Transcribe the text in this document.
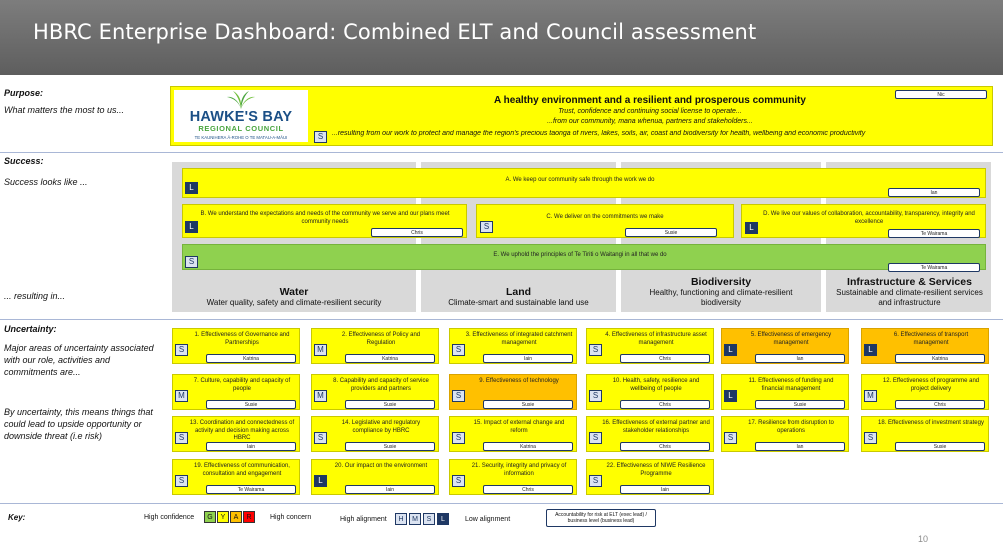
HBRC Enterprise Dashboard: Combined ELT and Council assessment
Purpose:
What matters the most to us...	HAWKE'S BAY
REGIONAL COUNCIL
TE KAUNIHERA Ā-ROHE O TE MATAU-A-MĀUI
Nic
A healthy environment and a resilient and prosperous community
Trust, confidence and continuing social license to operate...
...from our community, mana whenua, partners and stakeholders...
S	...resulting from our work to protect and manage the region's precious taonga of rivers, lakes, soils, air, coast and biodiversity for health, wellbeing and economic productivity
Success:
Success looks like ...
... resulting in...
A. We keep our community safe through the work we do
L
Ian
B. We understand the expectations and needs of the community we serve and our plans meet community needs
L
Chris
C. We deliver on the commitments we make
S
Susie
D. We live our values of collaboration, accountability, transparency, integrity and excellence
L
Te Wairama
E. We uphold the principles of Te Tiriti o Waitangi in all that we do
S
Te Wairama
Water
Water quality, safety and climate-resilient security
Land
Climate-smart and sustainable land use
Biodiversity
Healthy, functioning and climate-resilient biodiversity
Infrastructure & Services
Sustainable and climate-resilient services and infrastructure
Uncertainty:
Major areas of uncertainty associated with our role, activities and commitments are...
By uncertainty, this means things that could lead to upside opportunity or downside threat (i.e risk)
1. Effectiveness of Governance and Partnerships
S
Katrina
2. Effectiveness of Policy and Regulation
M
Katrina
3. Effectiveness of integrated catchment management
S
Iain
4. Effectiveness of infrastructure asset management
S
Chris
5. Effectiveness of emergency management
L
Ian
6. Effectiveness of transport management
L
Katrina
7. Culture, capability and capacity of people
M
Susie
8. Capability and capacity of service providers and partners
M
Susie
9. Effectiveness of technology
S
Susie
10. Health, safety, resilience and wellbeing of people
S
Chris
11. Effectiveness of funding and financial management
L
Susie
12. Effectiveness of programme and project delivery
M
Chris
13. Coordination and connectedness of activity and decision making across HBRC
S
Iain
14. Legislative and regulatory compliance by HBRC
S
Susie
15. Impact of external change and reform
S
Katrina
16. Effectiveness of external partner and stakeholder relationships
S
Chris
17. Resilience from disruption to operations
S
Ian
18. Effectiveness of investment strategy
S
Susie
19. Effectiveness of communication, consultation and engagement
S
Te Wairama
20. Our impact on the environment
L
Iain
21. Security, integrity and privacy of information
S
Chris
22. Effectiveness of NIWE Resilience Programme
S
Iain
Key:	High confidence	G	Y	A	R	High concern	High alignment	H	M	S	L	Low alignment
Accountability for risk at ELT (exec lead) / business level (business lead)
10
